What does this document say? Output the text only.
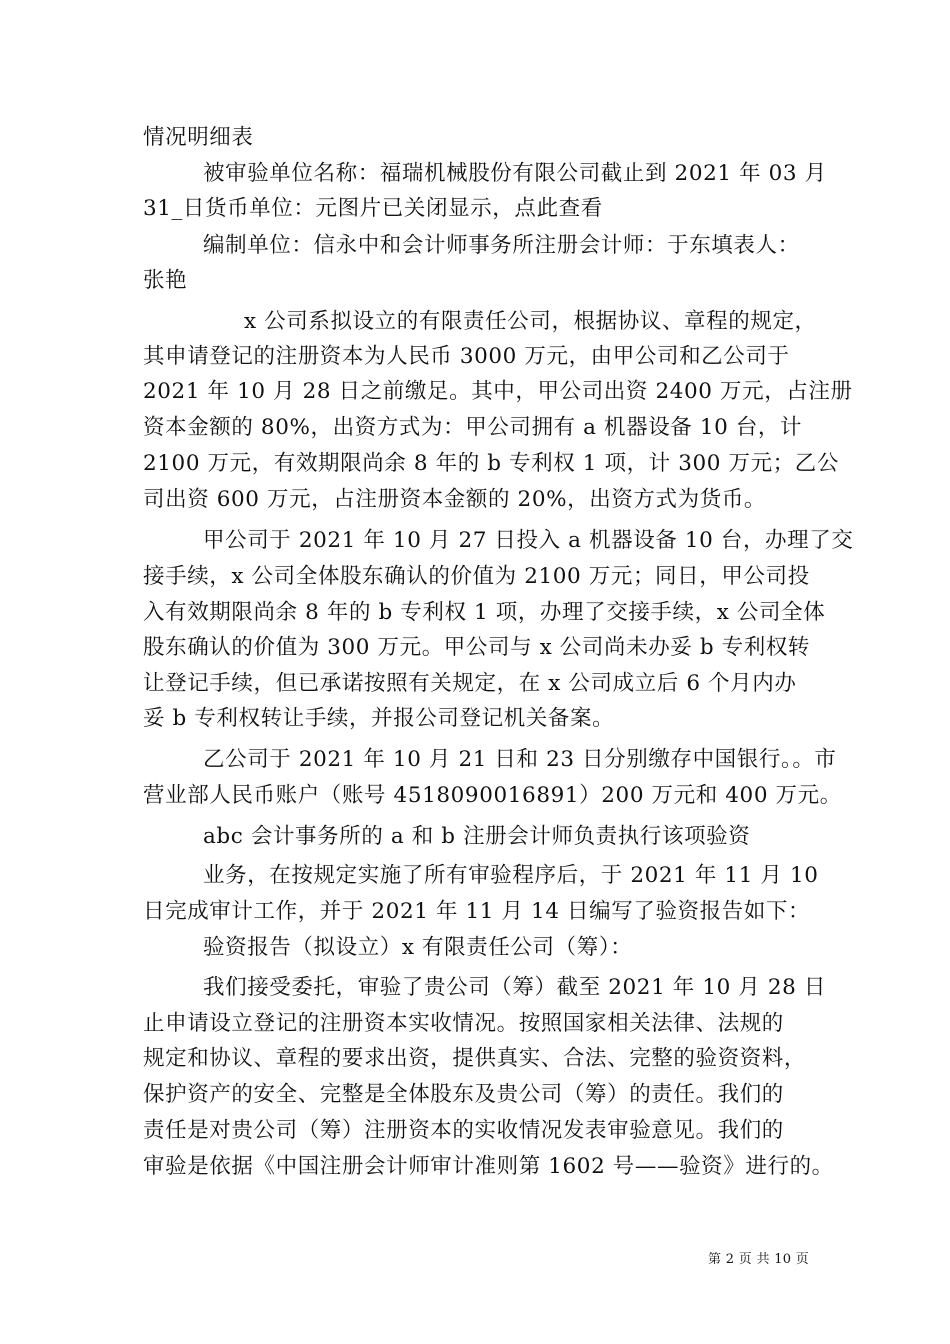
情况明细表
被审验单位名称：福瑞机械股份有限公司截止到 2021 年 03 月
31_日货币单位：元图片已关闭显示，点此查看
编制单位：信永中和会计师事务所注册会计师：于东填表人：
张艳
x 公司系拟设立的有限责任公司，根据协议、章程的规定，
其申请登记的注册资本为人民币 3000 万元，由甲公司和乙公司于
2021 年 10 月 28 日之前缴足。其中，甲公司出资 2400 万元，占注册
资本金额的 80%，出资方式为：甲公司拥有 a 机器设备 10 台，计
2100 万元，有效期限尚余 8 年的 b 专利权 1 项，计 300 万元；乙公
司出资 600 万元，占注册资本金额的 20%，出资方式为货币。
甲公司于 2021 年 10 月 27 日投入 a 机器设备 10 台，办理了交
接手续，x 公司全体股东确认的价值为 2100 万元；同日，甲公司投
入有效期限尚余 8 年的 b 专利权 1 项，办理了交接手续，x 公司全体
股东确认的价值为 300 万元。甲公司与 x 公司尚未办妥 b 专利权转
让登记手续，但已承诺按照有关规定，在 x 公司成立后 6 个月内办
妥 b 专利权转让手续，并报公司登记机关备案。
乙公司于 2021 年 10 月 21 日和 23 日分别缴存中国银行。。市
营业部人民币账户（账号 4518090016891）200 万元和 400 万元。
abc 会计事务所的 a 和 b 注册会计师负责执行该项验资
业务，在按规定实施了所有审验程序后，于 2021 年 11 月 10
日完成审计工作，并于 2021 年 11 月 14 日编写了验资报告如下：
验资报告（拟设立）x 有限责任公司（筹）：
我们接受委托，审验了贵公司（筹）截至 2021 年 10 月 28 日
止申请设立登记的注册资本实收情况。按照国家相关法律、法规的
规定和协议、章程的要求出资，提供真实、合法、完整的验资资料，
保护资产的安全、完整是全体股东及贵公司（筹）的责任。我们的
责任是对贵公司（筹）注册资本的实收情况发表审验意见。我们的
审验是依据《中国注册会计师审计准则第 1602 号——验资》进行的。
第 2 页 共 10 页
